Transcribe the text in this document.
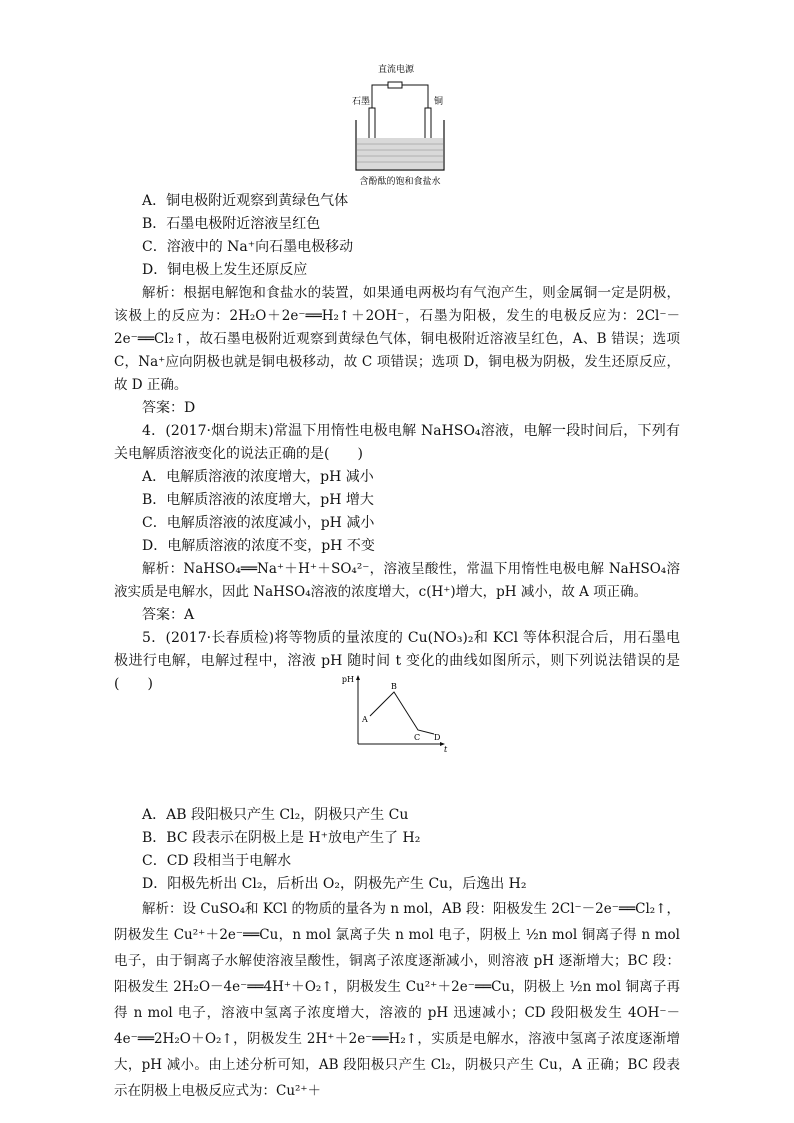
直流电源
石墨	铜
含酚酞的饱和食盐水
pH
t
A
B
C D
A．铜电极附近观察到黄绿色气体
B．石墨电极附近溶液呈红色
C．溶液中的 Na⁺向石墨电极移动
D．铜电极上发生还原反应
解析：根据电解饱和食盐水的装置，如果通电两极均有气泡产生，则金属铜一定是阴极，该极上的反应为：2H₂O＋2e⁻══H₂↑＋2OH⁻，石墨为阳极，发生的电极反应为：2Cl⁻－2e⁻══Cl₂↑，故石墨电极附近观察到黄绿色气体，铜电极附近溶液呈红色，A、B 错误；选项 C，Na⁺应向阴极也就是铜电极移动，故 C 项错误；选项 D，铜电极为阴极，发生还原反应，故 D 正确。
答案：D
4．(2017·烟台期末)常温下用惰性电极电解 NaHSO₄溶液，电解一段时间后，下列有关电解质溶液变化的说法正确的是(　　)
A．电解质溶液的浓度增大，pH 减小
B．电解质溶液的浓度增大，pH 增大
C．电解质溶液的浓度减小，pH 减小
D．电解质溶液的浓度不变，pH 不变
解析：NaHSO₄══Na⁺＋H⁺＋SO₄²⁻，溶液呈酸性，常温下用惰性电极电解 NaHSO₄溶液实质是电解水，因此 NaHSO₄溶液的浓度增大，c(H⁺)增大，pH 减小，故 A 项正确。
答案：A
5．(2017·长春质检)将等物质的量浓度的 Cu(NO₃)₂和 KCl 等体积混合后，用石墨电极进行电解，电解过程中，溶液 pH 随时间 t 变化的曲线如图所示，则下列说法错误的是(　　)
A．AB 段阳极只产生 Cl₂，阴极只产生 Cu
B．BC 段表示在阴极上是 H⁺放电产生了 H₂
C．CD 段相当于电解水
D．阳极先析出 Cl₂，后析出 O₂，阴极先产生 Cu，后逸出 H₂
解析：设 CuSO₄和 KCl 的物质的量各为 n mol，AB 段：阳极发生 2Cl⁻－2e⁻══Cl₂↑，阴极发生 Cu²⁺＋2e⁻══Cu，n mol 氯离子失 n mol 电子，阴极上 ½n mol 铜离子得 n mol 电子，由于铜离子水解使溶液呈酸性，铜离子浓度逐渐减小，则溶液 pH 逐渐增大；BC 段：阳极发生 2H₂O－4e⁻══4H⁺＋O₂↑，阴极发生 Cu²⁺＋2e⁻══Cu，阴极上 ½n mol 铜离子再得 n mol 电子，溶液中氢离子浓度增大，溶液的 pH 迅速减小；CD 段阳极发生 4OH⁻－4e⁻══2H₂O＋O₂↑，阴极发生 2H⁺＋2e⁻══H₂↑，实质是电解水，溶液中氢离子浓度逐渐增大，pH 减小。由上述分析可知，AB 段阳极只产生 Cl₂，阴极只产生 Cu，A 正确；BC 段表示在阴极上电极反应式为：Cu²⁺＋
